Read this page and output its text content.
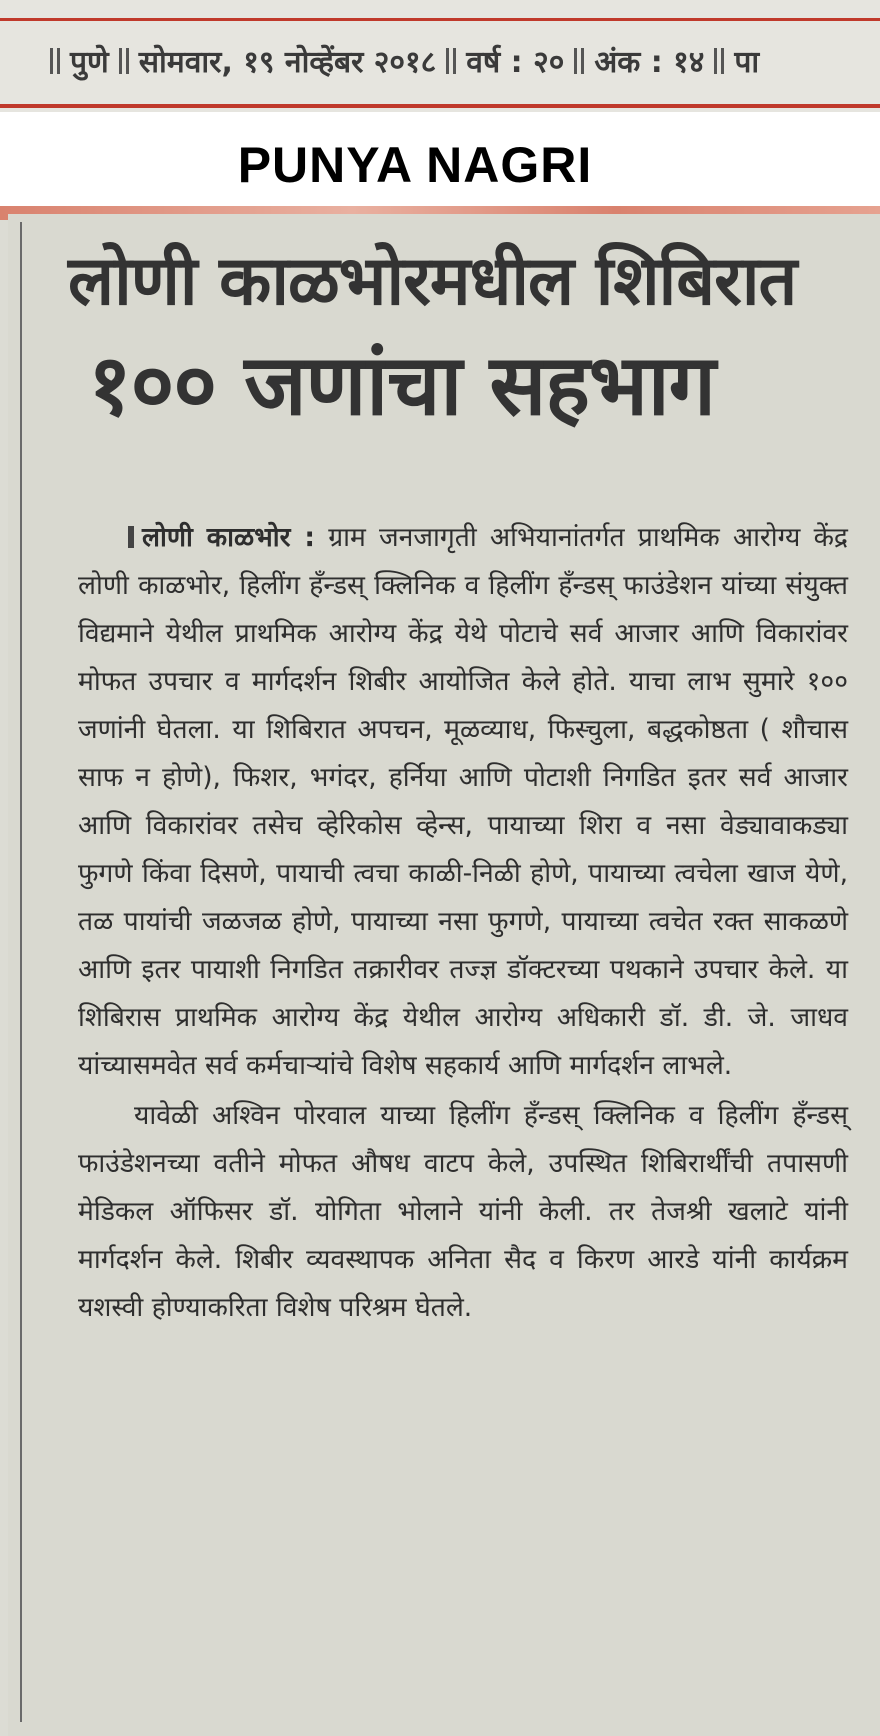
पुणे सोमवार, १९ नोव्हेंबर २०१८ वर्ष : २० अंक : १४ पा
PUNYA NAGRI
लोणी काळभोरमधील शिबिरात
१०० जणांचा सहभाग

लोणी काळभोर : ग्राम जनजागृती अभियानांतर्गत प्राथमिक आरोग्य केंद्र लोणी काळभोर, हिलींग हँन्डस् क्लिनिक व हिलींग हँन्डस् फाउंडेशन यांच्या संयुक्त विद्यमाने येथील प्राथमिक आरोग्य केंद्र येथे पोटाचे सर्व आजार आणि विकारांवर मोफत उपचार व मार्गदर्शन शिबीर आयोजित केले होते. याचा लाभ सुमारे १०० जणांनी घेतला. या शिबिरात अपचन, मूळव्याध, फिस्चुला, बद्धकोष्ठता ( शौचास साफ न होणे), फिशर, भगंदर, हर्निया आणि पोटाशी निगडित इतर सर्व आजार आणि विकारांवर तसेच व्हेरिकोस व्हेन्स, पायाच्या शिरा व नसा वेड्यावाकड्या फुगणे किंवा दिसणे, पायाची त्वचा काळी-निळी होणे, पायाच्या त्वचेला खाज येणे, तळ पायांची जळजळ होणे, पायाच्या नसा फुगणे, पायाच्या त्वचेत रक्त साकळणे आणि इतर पायाशी निगडित तक्रारीवर तज्ज्ञ डॉक्टरच्या पथकाने उपचार केले. या शिबिरास प्राथमिक आरोग्य केंद्र येथील आरोग्य अधिकारी डॉ. डी. जे. जाधव यांच्यासमवेत सर्व कर्मचाऱ्यांचे विशेष सहकार्य आणि मार्गदर्शन लाभले.

यावेळी अश्विन पोरवाल याच्या हिलींग हँन्डस् क्लिनिक व हिलींग हँन्डस् फाउंडेशनच्या वतीने मोफत औषध वाटप केले, उपस्थित शिबिरार्थींची तपासणी मेडिकल ऑफिसर डॉ. योगिता भोलाने यांनी केली. तर तेजश्री खलाटे यांनी मार्गदर्शन केले. शिबीर व्यवस्थापक अनिता सैद व किरण आरडे यांनी कार्यक्रम यशस्वी होण्याकरिता विशेष परिश्रम घेतले.
